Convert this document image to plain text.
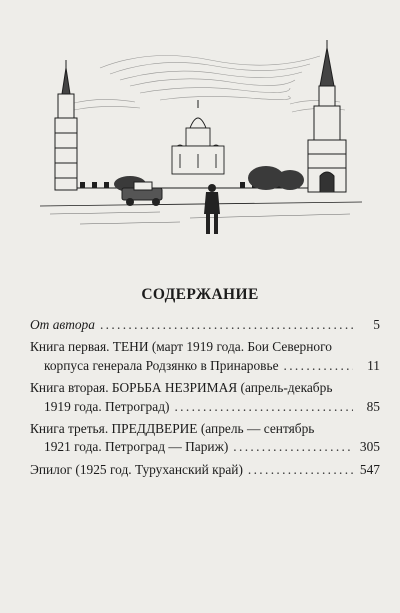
СОДЕРЖАНИЕ
От автора . . .	5
Книга первая. ТЕНИ (март 1919 года. Бои Северного
корпуса генерала Родзянко в Принаровье . . .	11
Книга вторая. БОРЬБА НЕЗРИМАЯ (апрель-декабрь
1919 года. Петроград) . . .	85
Книга третья. ПРЕДДВЕРИЕ (апрель — сентябрь
1921 года. Петроград — Париж) . . .	305
Эпилог (1925 год. Туруханский край) . . .	547
